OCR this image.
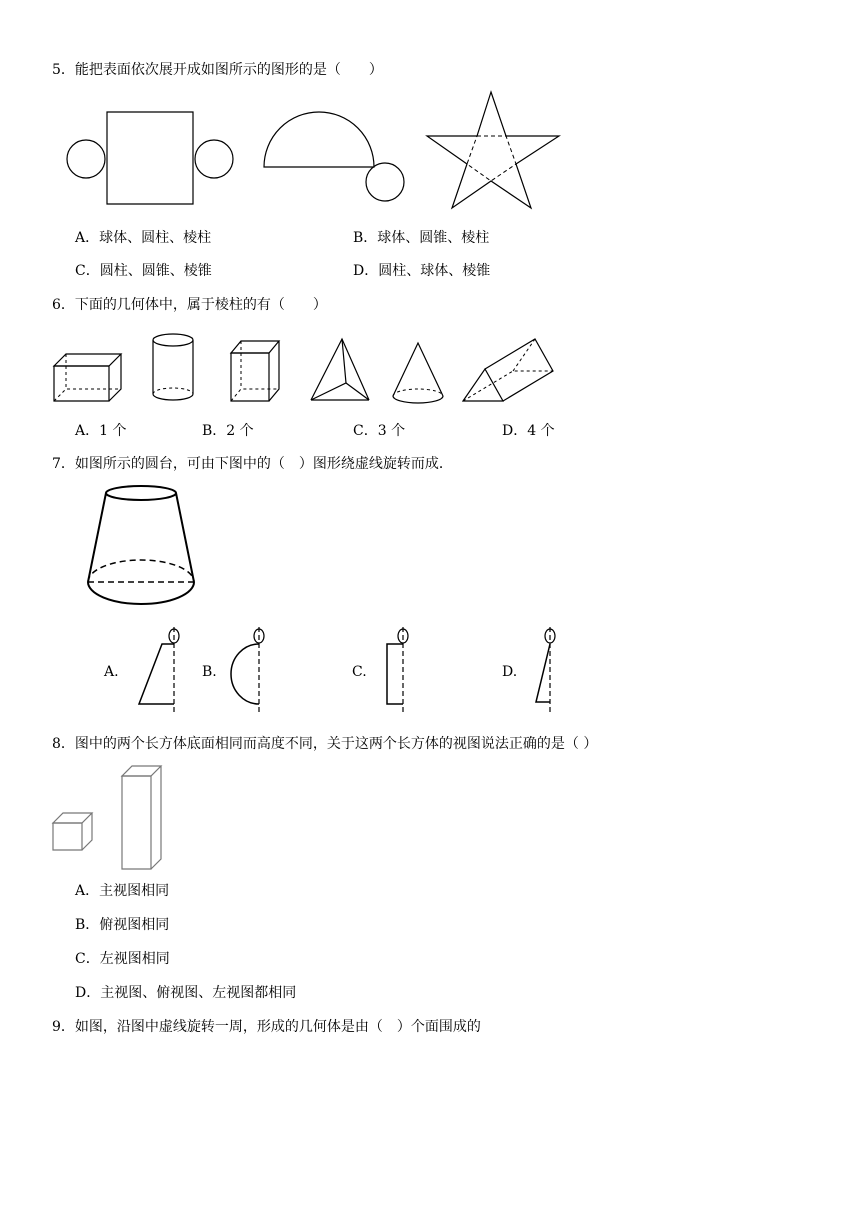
5．能把表面依次展开成如图所示的图形的是（　　）
A．球体、圆柱、棱柱	B．球体、圆锥、棱柱
C．圆柱、圆锥、棱锥	D．圆柱、球体、棱锥
6．下面的几何体中，属于棱柱的有（　　）
A．1 个	B．2 个	C．3 个	D．4 个
7．如图所示的圆台，可由下图中的（　）图形绕虚线旋转而成．
A.	B.	C.	D.
8．图中的两个长方体底面相同而高度不同，关于这两个长方体的视图说法正确的是（ ）
A．主视图相同
B．俯视图相同
C．左视图相同
D．主视图、俯视图、左视图都相同
9．如图，沿图中虚线旋转一周，形成的几何体是由（　）个面围成的
